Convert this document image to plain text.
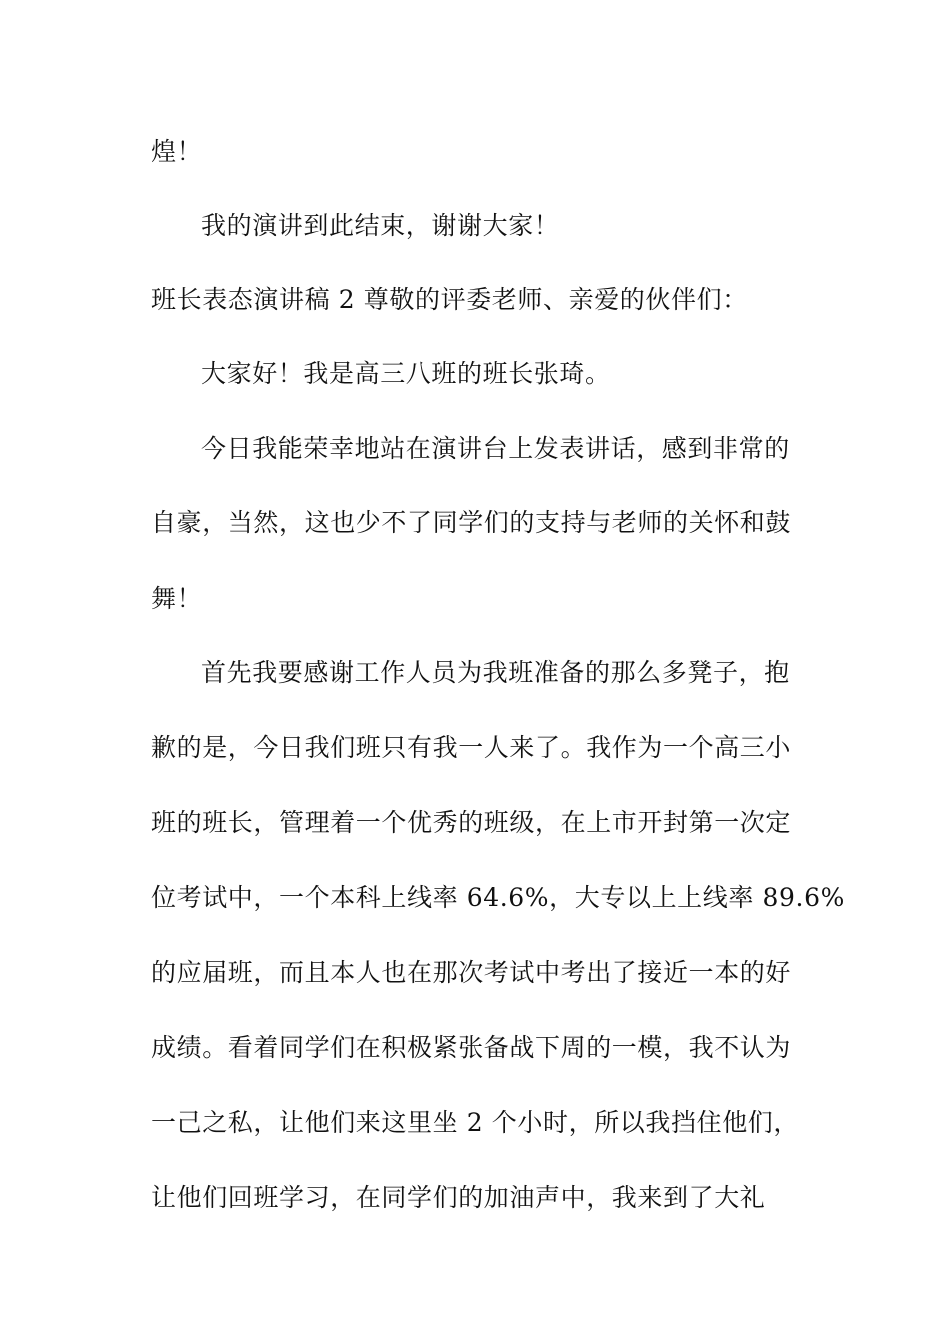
煌！
我的演讲到此结束，谢谢大家！
班长表态演讲稿 2 尊敬的评委老师、亲爱的伙伴们：
大家好！我是高三八班的班长张琦。
今日我能荣幸地站在演讲台上发表讲话，感到非常的
自豪，当然，这也少不了同学们的支持与老师的关怀和鼓
舞！
首先我要感谢工作人员为我班准备的那么多凳子，抱
歉的是，今日我们班只有我一人来了。我作为一个高三小
班的班长，管理着一个优秀的班级，在上市开封第一次定
位考试中，一个本科上线率 64.6%，大专以上上线率 89.6%
的应届班，而且本人也在那次考试中考出了接近一本的好
成绩。看着同学们在积极紧张备战下周的一模，我不认为
一己之私，让他们来这里坐 2 个小时，所以我挡住他们，
让他们回班学习，在同学们的加油声中，我来到了大礼
